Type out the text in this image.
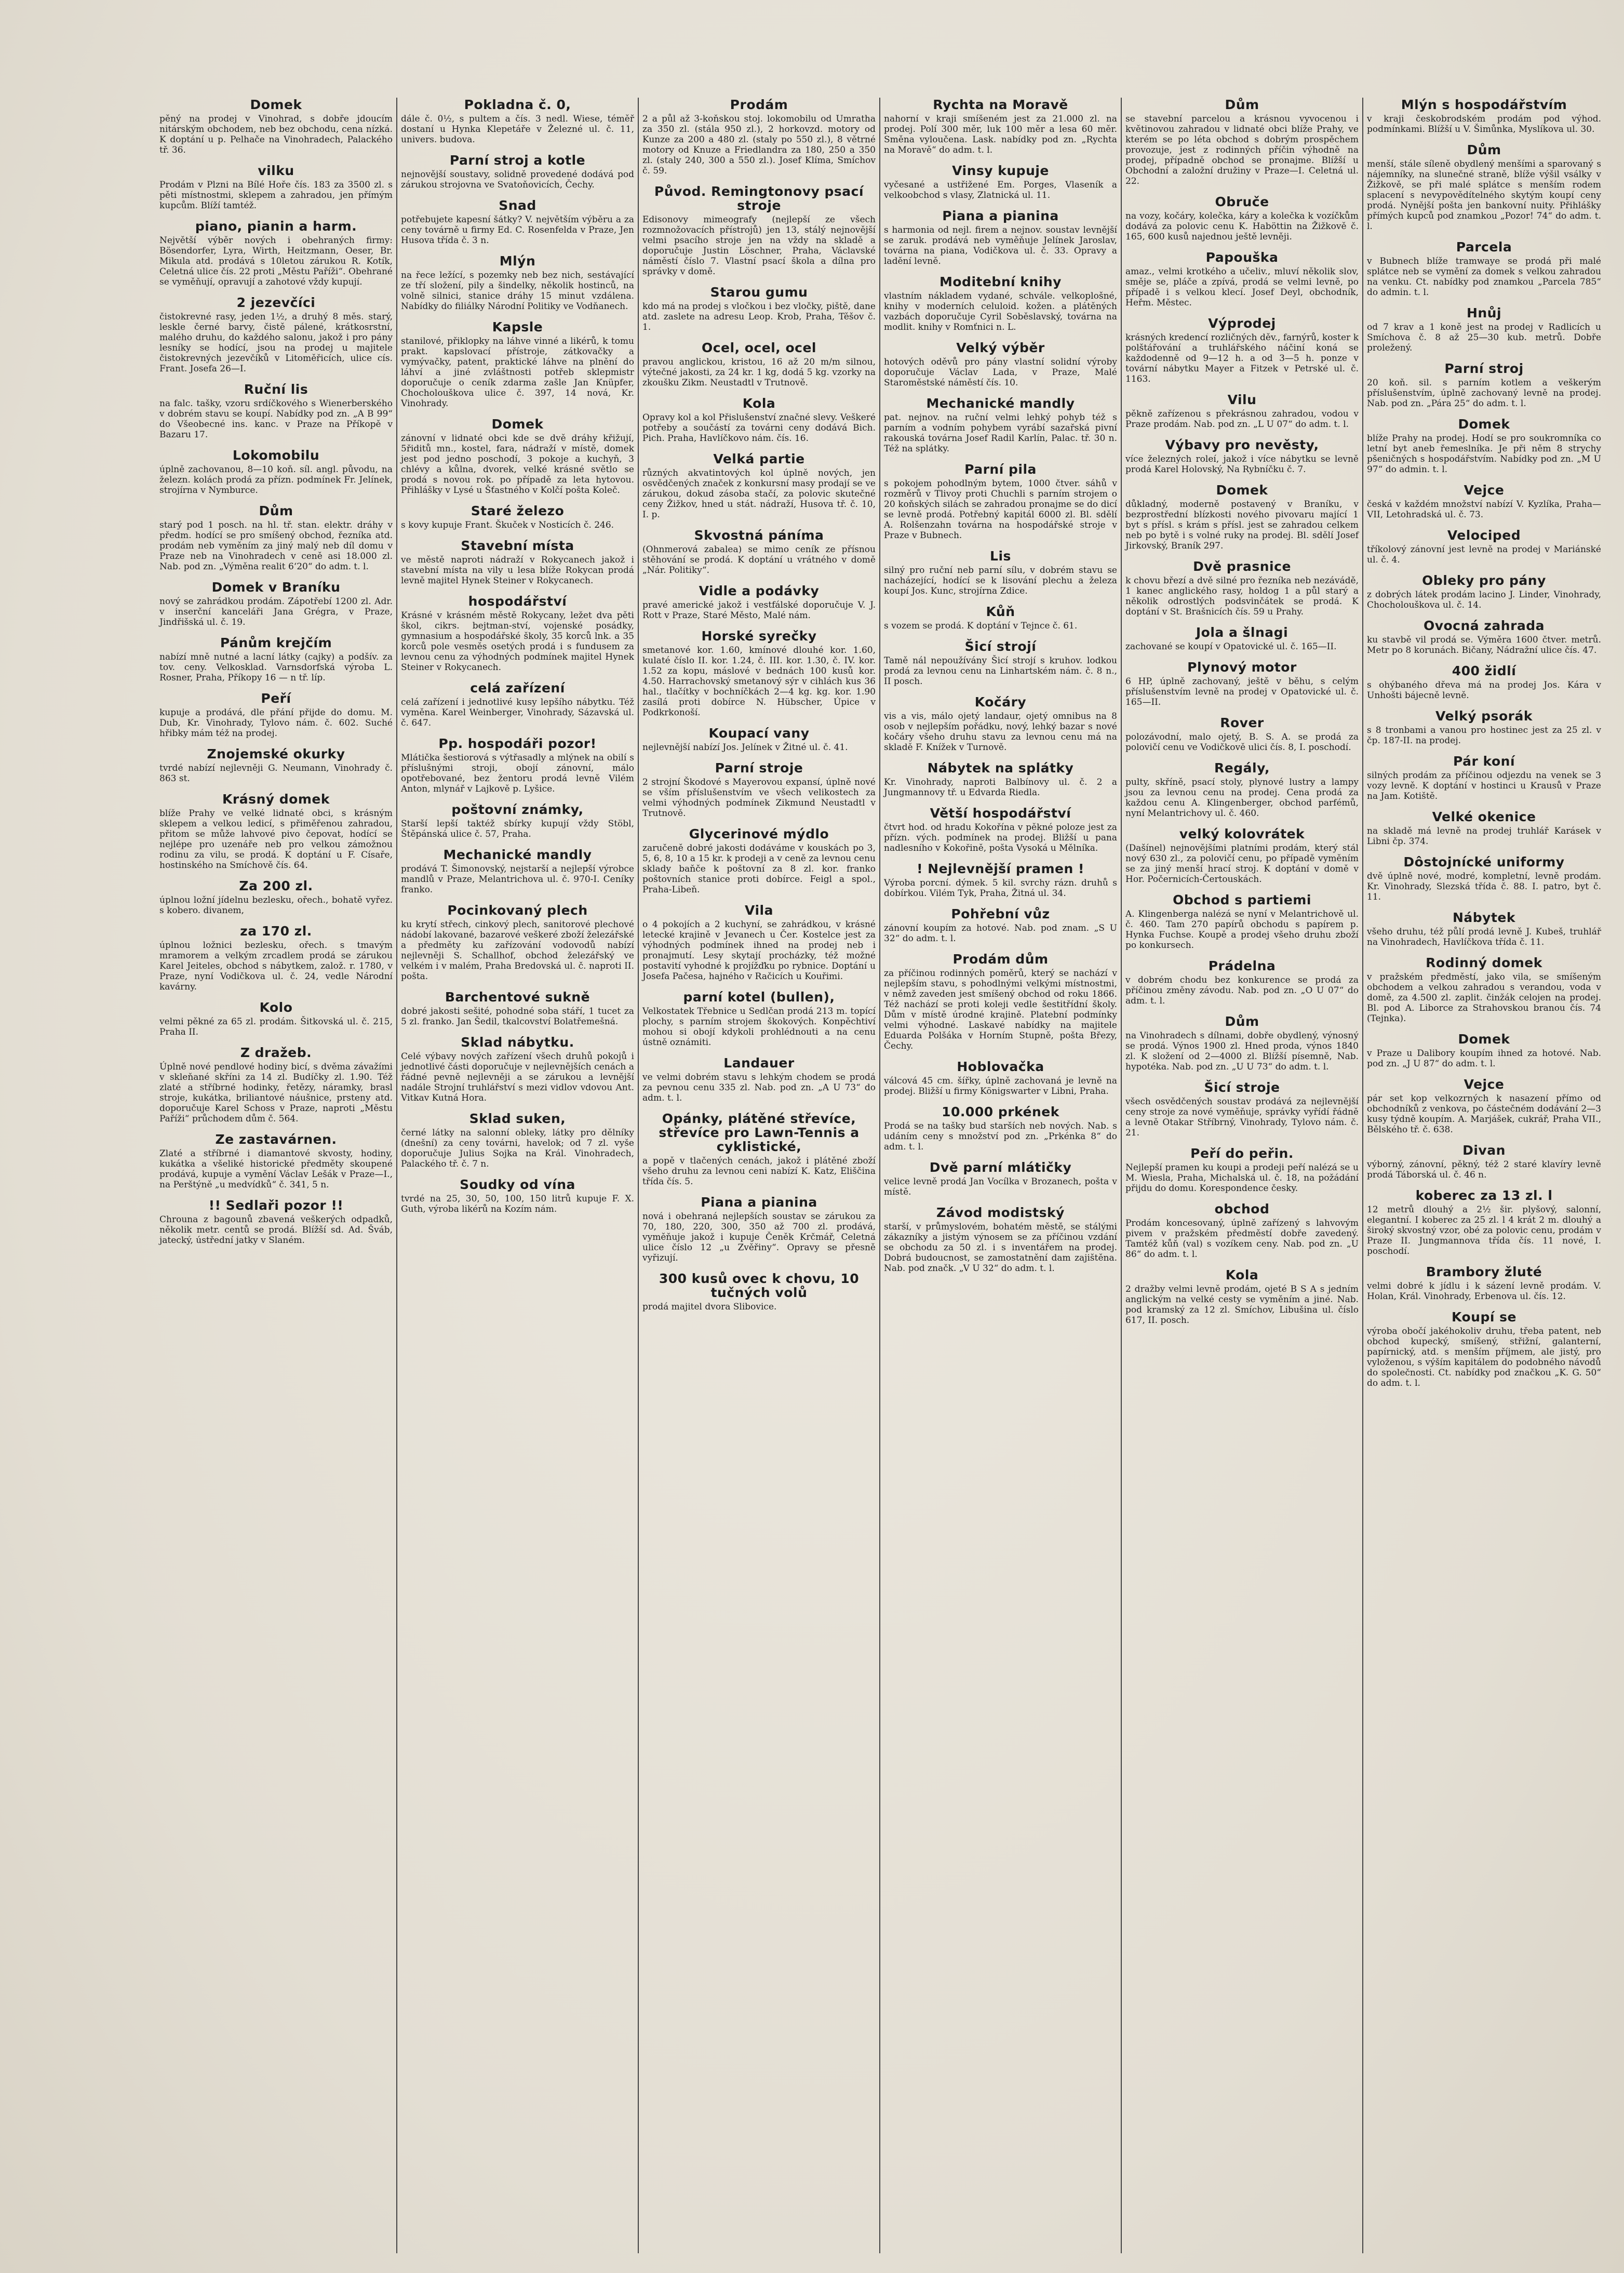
Domek

pěný na prodej v Vinohrad, s dobře jdoucím nitárským obchodem, neb bez obchodu, cena nízká. K doptání u p. Pelhače na Vinohradech, Palackého tř. 36.

vilku

Prodám v Plzni na Bílé Hoře čís. 183 za 3500 zl. s pěti místnostmi, sklepem a zahradou, jen přímým kupcům. Blíží tamtéž.

piano, pianin a harm.

Největší výběr nových i obehraných firmy: Bösendorfer, Lyra, Wirth, Heitzmann, Oeser, Br. Mikula atd. prodává s 10letou zárukou R. Kotík, Celetná ulice čís. 22 proti „Městu Paříži“. Obehrané se vyměňují, opravují a zahotové vždy kupují.

2 jezevčíci

čistokrevné rasy, jeden 1½, a druhý 8 měs. starý, leskle černé barvy, čistě pálené, krátkosrstní, malého druhu, do každého salonu, jakož i pro pány lesníky se hodící, jsou na prodej u majitele čistokrevných jezevčíků v Litoměřicích, ulice cís. Frant. Josefa 26—I.

Ruční lis

na falc. tašky, vzoru srdíčkového s Wienerberského v dobrém stavu se koupí. Nabídky pod zn. „A B 99“ do Všeobecné ins. kanc. v Praze na Příkopě v Bazaru 17.

Lokomobilu

úplně zachovanou, 8—10 koň. síl. angl. původu, na železn. kolách prodá za přízn. podmínek Fr. Jelínek, strojírna v Nymburce.

Dům

starý pod 1 posch. na hl. tř. stan. elektr. dráhy v předm. hodící se pro smíšený obchod, řezníka atd. prodám neb vyměním za jiný malý neb díl domu v Praze neb na Vinohradech v ceně asi 18.000 zl. Nab. pod zn. „Výměna realit 6‘20“ do adm. t. l.

Domek v Braníku

nový se zahrádkou prodám. Zápotřebí 1200 zl. Adr. v inserční kanceláři Jana Grégra, v Praze, Jindřišská ul. č. 19.

Pánům krejčím

nabízí mně nutné a lacní látky (cajky) a podšív. za tov. ceny. Velkosklad. Varnsdorfská výroba L. Rosner, Praha, Příkopy 16 — n tř. líp.

Peří

kupuje a prodává, dle přání přijde do domu. M. Dub, Kr. Vinohrady, Tylovo nám. č. 602. Suché hřibky mám též na prodej.

Znojemské okurky

tvrdé nabízí nejlevněji G. Neumann, Vinohrady č. 863 st.

Krásný domek

blíže Prahy ve velké lidnaté obci, s krásným sklepem a velkou ledicí, s přiměřenou zahradou, přitom se může lahvové pivo čepovat, hodící se nejlépe pro uzenáře neb pro velkou zámožnou rodinu za vilu, se prodá. K doptání u F. Císaře, hostinského na Smíchově čís. 64.

Za 200 zl.

úplnou ložní jídelnu bezlesku, ořech., bohatě vyřez. s kobero. divanem,

za 170 zl.

úplnou ložnici bezlesku, ořech. s tmavým mramorem a velkým zrcadlem prodá se zárukou Karel Jeiteles, obchod s nábytkem, založ. r. 1780, v Praze, nyní Vodičkova ul. č. 24, vedle Národní kavárny.

Kolo

velmi pěkné za 65 zl. prodám. Šitkovská ul. č. 215, Praha II.

Z dražeb.

Úplně nové pendlové hodiny bicí, s dvěma závažími v skleňané skříni za 14 zl. Budíčky zl. 1.90. Též zlaté a stříbrné hodinky, řetězy, náramky, brasl stroje, kukátka, briliantové náušnice, prsteny atd. doporučuje Karel Schoss v Praze, naproti „Městu Paříži“ průchodem dům č. 564.

Ze zastavárnen.

Zlaté a stříbrné i diamantové skvosty, hodiny, kukátka a všeliké historické předměty skoupené prodává, kupuje a vymění Václav Lešák v Praze—I., na Perštýně „u medvídků“ č. 341, 5 n.

!! Sedlaři pozor !!

Chrouna z bagounů zbavená veškerých odpadků, několik metr. centů se prodá. Blížší sd. Ad. Šváb, jatecký, ústřední jatky v Slaném.

Pokladna č. 0,

dále č. 0½, s pultem a čís. 3 nedl. Wiese, téměř dostaní u Hynka Klepetáře v Železné ul. č. 11, univers. budova.

Parní stroj a kotle

nejnovější soustavy, solidně provedené dodává pod zárukou strojovna ve Svatoňovicích, Čechy.

Snad

potřebujete kapesní šátky? V. největším výběru a za ceny továrně u firmy Ed. C. Rosenfelda v Praze, Jen Husova třída č. 3 n.

Mlýn

na řece ležící, s pozemky neb bez nich, sestávající ze tří složení, pily a šindelky, několik hostinců, na volně silnici, stanice dráhy 15 minut vzdálena. Nabídky do filiálky Národní Politiky ve Vodňanech.

Kapsle

stanilové, přiklopky na láhve vinné a likérů, k tomu prakt. kapslovací přístroje, zátkovačky a vymývačky, patent, praktické láhve na plnění do láhví a jiné zvláštnosti potřeb sklepmistr doporučuje o ceník zdarma zašle Jan Knüpfer, Chocholouškova ulice č. 397, 14 nová, Kr. Vinohrady.

Domek

zánovní v lidnaté obci kde se dvě dráhy křižují, 5řiditů mn., kostel, fara, nádraží v místě, domek jest pod jedno poschodí, 3 pokoje a kuchyň, 3 chlévy a kůlna, dvorek, velké krásné světlo se prodá s novou rok. po případě za leta hytovou. Přihlášky v Lysé u Šťastného v Kolčí pošta Koleč.

Staré železo

s kovy kupuje Frant. Škuček v Nosticích č. 246.

Stavební místa

ve městě naproti nádraží v Rokycanech jakož i stavební místa na vily u lesa blíže Rokycan prodá levně majitel Hynek Steiner v Rokycanech.

hospodářství

Krásné v krásném městě Rokycany, ležet dva pěti škol, cikrs. bejtman-ství, vojenské posádky, gymnasium a hospodářské školy, 35 korců lnk. a 35 korců pole vesměs osetých prodá i s fundusem za levnou cenu za výhodných podmínek majitel Hynek Steiner v Rokycanech.

celá zařízení

celá zařízení i jednotlivé kusy lepšího nábytku. Též vyměna. Karel Weinberger, Vinohrady, Sázavská ul. č. 647.

Pp. hospodáři pozor!

Mlátička šestiorová s výtřasadly a mlýnek na obilí s příslušnými stroji, obojí zánovní, málo opotřebované, bez žentoru prodá levně Vilém Anton, mlynář v Lajkově p. Lyšice.

poštovní známky,

Starší lepší taktéž sbírky kupují vždy Stöbl, Štěpánská ulice č. 57, Praha.

Mechanické mandly

prodává T. Šimonovský, nejstarší a nejlepší výrobce mandlů v Praze, Melantrichova ul. č. 970-I. Ceníky franko.

Pocinkovaný plech

ku krytí střech, cinkový plech, sanitorové plechové nádobí lakované, bazarové veškeré zboží železářské a předměty ku zařízování vodovodů nabízí nejlevněji S. Schallhof, obchod železářský ve velkém i v malém, Praha Bredovská ul. č. naproti II. pošta.

Barchentové sukně

dobré jakosti sešité, pohodné soba stáří, 1 tucet za 5 zl. franko. Jan Šedil, tkalcovství Bolatřemešná.

Sklad nábytku.

Celé výbavy nových zařízení všech druhů pokojů i jednotlivé části doporučuje v nejlevnějších cenách a řádné pevně nejlevněji a se zárukou a levnější nadále Strojní truhlářství s mezi vidlov vdovou Ant. Vitkav Kutná Hora.

Sklad suken,

černé látky na salonní obleky, látky pro dělníky (dnešní) za ceny továrni, havelok; od 7 zl. vyše doporučuje Julius Sojka na Král. Vinohradech, Palackého tř. č. 7 n.

Soudky od vína

tvrdé na 25, 30, 50, 100, 150 litrů kupuje F. X. Guth, výroba likérů na Kozím nám.

Prodám

2 a půl až 3-koňskou stoj. lokomobilu od Umratha za 350 zl. (stála 950 zl.), 2 horkovzd. motory od Kunze za 200 a 480 zl. (staly po 550 zl.), 8 větrné motory od Knuze a Friedlandra za 180, 250 a 350 zl. (staly 240, 300 a 550 zl.). Josef Klíma, Smíchov č. 59.

Původ. Remingtonovy psací stroje

Edisonovy mimeografy (nejlepší ze všech rozmnožovacích přístrojů) jen 13, stálý nejnovější velmi psacího stroje jen na vždy na skladě a doporučuje Justin Löschner, Praha, Václavské náměstí číslo 7. Vlastní psací škola a dílna pro správky v domě.

Starou gumu

kdo má na prodej s vločkou i bez vločky, piště, dane atd. zaslete na adresu Leop. Krob, Praha, Těšov č. 1.

Ocel, ocel, ocel

pravou anglickou, kristou, 16 až 20 m/m silnou, výtečné jakosti, za 24 kr. 1 kg, dodá 5 kg. vzorky na zkoušku Zikm. Neustadtl v Trutnově.

Kola

Opravy kol a kol Přislušenství značné slevy. Veškeré potřeby a součástí za továrni ceny dodává Bich. Pich. Praha, Havlíčkovo nám. čís. 16.

Velká partie

různých akvatintových kol úplně nových, jen osvědčených značek z konkursní masy prodají se ve zárukou, dokud zásoba stačí, za polovic skutečné ceny Žižkov, hned u stát. nádraží, Husova tř. č. 10, I. p.

Skvostná páníma

(Ohnmerová zabalea) se mimo ceník ze přísnou stěhování se prodá. K doptání u vrátného v domě „Nár. Politiky“.

Vidle a podávky

pravé americké jakož i vestfálské doporučuje V. J. Rott v Praze, Staré Město, Malé nám.

Horské syrečky

smetanové kor. 1.60, kmínové dlouhé kor. 1.60, kulaté číslo II. kor. 1.24, č. III. kor. 1.30, č. IV. kor. 1.52 za kopu, máslové v bednách 100 kusů kor. 4.50. Harrachovský smetanový sýr v cihlách kus 36 hal., tlačítky v bochníčkách 2—4 kg. kg. kor. 1.90 zasílá proti dobírce N. Hübscher, Úpice v Podkrkonoší.

Koupací vany

nejlevnější nabízí Jos. Jelínek v Žitné ul. č. 41.

Parní stroje

2 strojní Škodové s Mayerovou expansí, úplně nové se vším příslušenstvím ve všech velikostech za velmi výhodných podmínek Zikmund Neustadtl v Trutnově.

Glycerinové mýdlo

zaručeně dobré jakosti dodáváme v kouskách po 3, 5, 6, 8, 10 a 15 kr. k prodeji a v ceně za levnou cenu sklady baňče k poštovní za 8 zl. kor. franko poštovních stanice proti dobírce. Feigl a spol., Praha-Libeň.

Vila

o 4 pokojích a 2 kuchyní, se zahrádkou, v krásné letecké krajině v Jevanech u Čer. Kostelce jest za výhodných podmínek ihned na prodej neb i pronajmutí. Lesy skytají procházky, též možné postavití vyhodné k projížďku po rybnice. Doptání u Josefa Pačesa, hajného v Račicích u Kouřimi.

parní kotel (bullen),

Velkostatek Třebnice u Sedlčan prodá 213 m. topící plochy, s parním strojem škokových. Konpěchtiví mohou si obojí kdykoli prohlédnouti a na cenu ústně oznámiti.

Landauer

ve velmi dobrém stavu s lehkým chodem se prodá za pevnou cenu 335 zl. Nab. pod zn. „A U 73“ do adm. t. l.

Opánky, plátěné střevíce, střevíce pro Lawn-Tennis a cyklistické,

a popě v tlačených cenách, jakož i plátěné zboží všeho druhu za levnou ceni nabízí K. Katz, Eliščina třída čís. 5.

Piana a pianina

nová i obehraná nejlepších soustav se zárukou za 70, 180, 220, 300, 350 až 700 zl. prodává, vyměňuje jakož i kupuje Čeněk Krčmář, Celetná ulice číslo 12 „u Zvěřiny“. Opravy se přesně vyřizují.

300 kusů ovec k chovu, 10 tučných volů

prodá majitel dvora Slibovice.

Rychta na Moravě

nahorní v kraji smíšeném jest za 21.000 zl. na prodej. Polí 300 měr, luk 100 měr a lesa 60 měr. Směna vyloučena. Lask. nabídky pod zn. „Rychta na Moravě“ do adm. t. l.

Vinsy kupuje

vyčesané a ustřižené Em. Porges, Vlaseník a velkoobchod s vlasy, Zlatnická ul. 11.

Piana a pianina

s harmonia od nejl. firem a nejnov. soustav levnější se zaruk. prodává neb vyměňuje Jelínek Jaroslav, továrna na piana, Vodičkova ul. č. 33. Opravy a ladění levně.

Moditební knihy

vlastním nákladem vydané, schvále. velkoplošné, knihy v moderních celuloid. kožen. a plátěných vazbách doporučuje Cyril Soběslavský, továrna na modlit. knihy v Romťnici n. L.

Velký výběr

hotových oděvů pro pány vlastní solidní výroby doporučuje Václav Lada, v Praze, Malé Staroměstské náměstí čís. 10.

Mechanické mandly

pat. nejnov. na ruční velmi lehký pohyb též s parním a vodním pohybem vyrábí sazařská pivní rakouská továrna Josef Radil Karlín, Palac. tř. 30 n. Též na splátky.

Parní pila

s pokojem pohodlným bytem, 1000 čtver. sáhů v rozměrů v Tlivoy proti Chuchli s parním strojem o 20 koňských silách se zahradou pronajme se do dicí se levně prodá. Potřebný kapitál 6000 zl. Bl. sdělí A. Rolšenzahn továrna na hospodářské stroje v Praze v Bubnech.

Lis

silný pro ruční neb parní sílu, v dobrém stavu se nacházející, hodící se k lisování plechu a železa koupí Jos. Kunc, strojírna Zdice.

Kůň

s vozem se prodá. K doptání v Tejnce č. 61.

Šicí strojí

Tamě nál nepoužívány Šicí strojí s kruhov. lodkou prodá za levnou cenu na Linhartském nám. č. 8 n., II posch.

Kočáry

vis a vis, málo ojetý landaur, ojetý omnibus na 8 osob v nejlepším pořádku, nový, lehký bazar s nové kočáry všeho druhu stavu za levnou cenu má na skladě F. Knížek v Turnově.

Nábytek na splátky

Kr. Vinohrady, naproti Balbínovy ul. č. 2 a Jungmannovy tř. u Edvarda Riedla.

Větší hospodářství

čtvrt hod. od hradu Kokořína v pěkné poloze jest za přízn. vých. podmínek na prodej. Bližší u pana nadlesního v Kokořině, pošta Vysoká u Mělníka.

! Nejlevnější pramen !

Výroba porcní. dýmek. 5 kil. svrchy rázn. druhů s dobírkou. Vilém Tyk, Praha, Žitná ul. 34.

Pohřební vůz

zánovní koupím za hotové. Nab. pod znam. „S U 32“ do adm. t. l.

Prodám dům

za příčinou rodinných poměrů, který se nachází v nejlepším stavu, s pohodlnými velkými místnostmi, v němž zaveden jest smíšený obchod od roku 1866. Též nachází se proti koleji vedle šestitřídní školy. Dům v místě úrodné krajině. Platební podmínky velmi výhodné. Laskavé nabídky na majitele Eduarda Polšáka v Horním Stupně, pošta Březy, Čechy.

Hoblovačka

válcová 45 cm. šířky, úplně zachovaná je levně na prodej. Bližší u firmy Königswarter v Libni, Praha.

10.000 prkének

Prodá se na tašky bud starších neb nových. Nab. s udáním ceny s množství pod zn. „Prkénka 8“ do adm. t. l.

Dvě parní mlátičky

velice levně prodá Jan Vocílka v Brozanech, pošta v místě.

Závod modistský

starší, v průmyslovém, bohatém městě, se stálými zákazníky a jistým výnosem se za příčinou vzdání se obchodu za 50 zl. i s inventářem na prodej. Dobrá budoucnost, se zamostatnění dam zajištěna. Nab. pod značk. „V U 32“ do adm. t. l.

Dům

se stavební parcelou a krásnou vyvocenou i květinovou zahradou v lidnaté obci blíže Prahy, ve kterém se po léta obchod s dobrým prospěchem provozuje, jest z rodinných příčin výhodně na prodej, případně obchod se pronajme. Blížší u Obchodní a založní družiny v Praze—I. Celetná ul. 22.

Obruče

na vozy, kočáry, kolečka, káry a kolečka k vozíčkům dodává za polovic cenu K. Haböttin na Žižkově č. 165, 600 kusů najednou ještě levněji.

Papouška

amaz., velmi krotkého a učeliv., mluví několik slov, směje se, pláče a zpívá, prodá se velmi levně, po případě i s velkou klecí. Josef Deyl, obchodník, Heřm. Městec.

Výprodej

krásných kredencí rozličných děv., farnýrů, koster k polštářování a truhlářského náčiní koná se každodenně od 9—12 h. a od 3—5 h. ponze v tovární nábytku Mayer a Fitzek v Petrské ul. č. 1163.

Vilu

pěkně zařízenou s překrásnou zahradou, vodou v Praze prodám. Nab. pod zn. „L U 07“ do adm. t. l.

Výbavy pro nevěsty,

více železných roleí, jakož i více nábytku se levně prodá Karel Holovský, Na Rybníčku č. 7.

Domek

důkladný, moderně postavený v Braníku, v bezprostřední blízkosti nového pivovaru mající 1 byt s přísl. s krám s přísl. jest se zahradou celkem neb po bytě i s volné ruky na prodej. Bl. sdělí Josef Jirkovský, Braník 297.

Dvě prasnice

k chovu březí a dvě silné pro řezníka neb nezávádě, 1 kanec anglického rasy, holdog 1 a půl starý a několik odrostlých podsvinčátek se prodá. K doptání v St. Brašnicích čís. 59 u Prahy.

Jola a šlnagi

zachované se koupí v Opatovické ul. č. 165—II.

Plynový motor

6 HP, úplně zachovaný, ještě v běhu, s celým příslušenstvím levně na prodej v Opatovické ul. č. 165—II.

Rover

polozávodní, malo ojetý, B. S. A. se prodá za polovičí cenu ve Vodičkově ulici čís. 8, I. poschodí.

Regály,

pulty, skříně, psací stoly, plynové lustry a lampy jsou za levnou cenu na prodej. Cena prodá za každou cenu A. Klingenberger, obchod parfémů, nyní Melantrichovy ul. č. 460.

velký kolovrátek

(Dašínel) nejnovějšími platními prodám, který stál nový 630 zl., za polovičí cenu, po případě vyměním se za jiný menší hrací stroj. K doptání v domě v Hor. Počernicích-Čertouskách.

Obchod s partiemi

A. Klingenberga nalézá se nyní v Melantrichově ul. č. 460. Tam 270 papírů obchodu s papírem p. Hynka Fuchse. Koupě a prodej všeho druhu zboží po konkursech.

Prádelna

v dobrém chodu bez konkurence se prodá za příčinou změny závodu. Nab. pod zn. „O U 07“ do adm. t. l.

Dům

na Vinohradech s dílnami, dobře obydlený, výnosný se prodá. Výnos 1900 zl. Hned proda, výnos 1840 zl. K složení od 2—4000 zl. Blížší písemně, Nab. hypotéka. Nab. pod zn. „U U 73“ do adm. t. l.

Šicí stroje

všech osvědčených soustav prodává za nejlevnější ceny stroje za nové vyměňuje, správky vyřídí řádně a levně Otakar Stříbrný, Vinohrady, Tylovo nám. č. 21.

Peří do peřin.

Nejlepší pramen ku koupi a prodeji peří nalézá se u M. Wiesla, Praha, Michalská ul. č. 18, na požádání přijdu do domu. Korespondence česky.

obchod

Prodám koncesovaný, úplně zařízený s lahvovým pivem v pražském předměstí dobře zavedený. Tamtéž kůň (val) s vozíkem ceny. Nab. pod zn. „U 86“ do adm. t. l.

Kola

2 dražby velmi levně prodám, ojeté B S A s jedním anglickým na velké cesty se vyměním a jiné. Nab. pod kramský za 12 zl. Smíchov, Libušina ul. číslo 617, II. posch.

Mlýn s hospodářstvím

v kraji českobrodském prodám pod výhod. podmínkami. Blížší u V. Šimůnka, Myslíkova ul. 30.

Dům

menší, stále síleně obydlený menšími a sparovaný s nájemníky, na slunečné straně, blíže výšil vsálky v Žižkově, se při malé splátce s menším rodem splacení s nevypovědítelného skytým koupí ceny prodá. Nynější pošta jen bankovní nuity. Přihlášky přímých kupců pod znamkou „Pozor! 74“ do adm. t. l.

Parcela

v Bubnech blíže tramwaye se prodá při malé splátce neb se vymění za domek s velkou zahradou na venku. Ct. nabídky pod znamkou „Parcela 785“ do admin. t. l.

Hnůj

od 7 krav a 1 koně jest na prodej v Radlicích u Smíchova č. 8 až 25—30 kub. metrů. Dobře proležený.

Parní stroj

20 koň. sil. s parním kotlem a veškerým příslušenstvím, úplně zachovaný levně na prodej. Nab. pod zn. „Pára 25“ do adm. t. l.

Domek

blíže Prahy na prodej. Hodí se pro soukromníka co letní byt aneb řemeslníka. Je při něm 8 strychy pšeničných s hospodářstvím. Nabídky pod zn. „M U 97“ do admin. t. l.

Vejce

česká v každém množství nabízí V. Kyzlíka, Praha—VII, Letohradská ul. č. 73.

Velociped

tříkolový zánovní jest levně na prodej v Mariánské ul. č. 4.

Obleky pro pány

z dobrých látek prodám lacino J. Linder, Vinohrady, Chocholouškova ul. č. 14.

Ovocná zahrada

ku stavbě vil prodá se. Výměra 1600 čtver. metrů. Metr po 8 korunách. Bičany, Nádražní ulice čís. 47.

400 židlí

s ohýbaného dřeva má na prodej Jos. Kára v Unhošti bájecně levně.

Velký psorák

s 8 tronbami a vanou pro hostinec jest za 25 zl. v čp. 187-II. na prodej.

Pár koní

silných prodám za příčinou odjezdu na venek se 3 vozy levně. K doptání v hostinci u Krausů v Praze na Jam. Kotiště.

Velké okenice

na skladě má levně na prodej truhlář Karásek v Libni čp. 374.

Dôstojnícké uniformy

dvě úplně nové, modré, kompletní, levně prodám. Kr. Vinohrady, Slezská třída č. 88. I. patro, byt č. 11.

Nábytek

všeho druhu, též půlí prodá levně J. Kubeš, truhlář na Vinohradech, Havlíčkova třída č. 11.

Rodinný domek

v pražském předměstí, jako vila, se smíšeným obchodem a velkou zahradou s verandou, voda v domě, za 4.500 zl. zaplit. činžák celojen na prodej. Bl. pod A. Liborce za Strahovskou branou čís. 74 (Tejnka).

Domek

v Praze u Dalibory koupím ihned za hotové. Nab. pod zn. „J U 87“ do adm. t. l.

Vejce

pár set kop velkozrných k nasazení přímo od obchodníků z venkova, po částečném dodávání 2—3 kusy týdně koupím. A. Marjášek, cukrář, Praha VII., Bělského tř. č. 638.

Divan

výborný, zánovní, pěkný, též 2 staré klavíry levně prodá Táborská ul. č. 46 n.

koberec za 13 zl. l

12 metrů dlouhý a 2½ šir. plyšový, salonní, elegantní. I koberec za 25 zl. l 4 krát 2 m. dlouhý a široký skvostný vzor, obé za polovic cenu, prodám v Praze II. Jungmannova třída čís. 11 nové, I. poschodí.

Brambory žluté

velmi dobré k jídlu i k sázení levně prodám. V. Holan, Král. Vinohrady, Erbenova ul. čís. 12.

Koupí se

výroba obočí jakéhokoliv druhu, třeba patent, neb obchod kupecký, smíšený, střižní, galanterní, papírnický, atd. s menším příjmem, ale jistý, pro vyloženou, s výším kapitálem do podobného návodů do společnosti. Ct. nabídky pod značkou „K. G. 50“ do adm. t. l.
